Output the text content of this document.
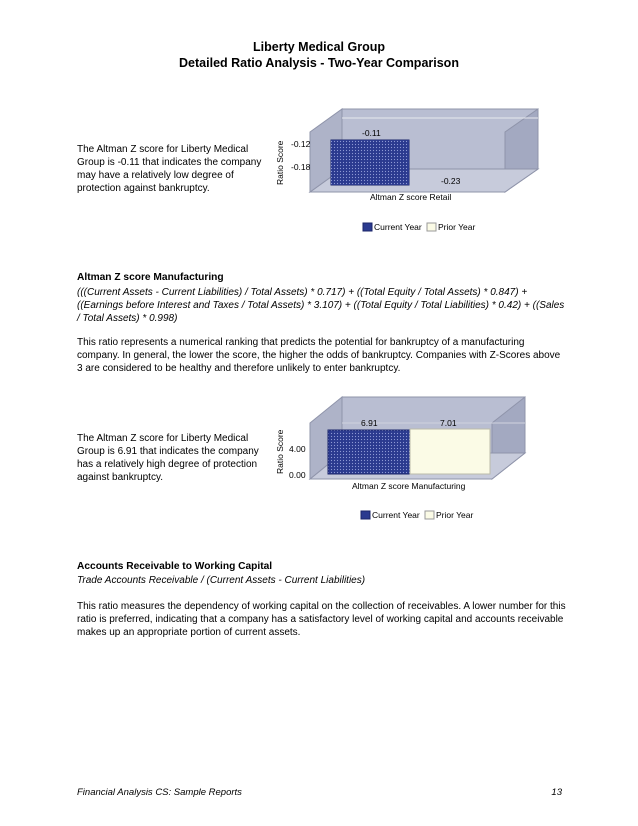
Liberty Medical Group
Detailed Ratio Analysis - Two-Year Comparison
The Altman Z score for Liberty Medical Group is -0.11 that indicates the company may have a relatively low degree of protection against bankruptcy.
-0.11
-0.23
-0.12
-0.18
Ratio Score
Altman Z score Retail
Current Year Prior Year
Altman Z score Manufacturing
(((Current Assets - Current Liabilities) / Total Assets) * 0.717) + ((Total Equity / Total Assets) * 0.847) + ((Earnings before Interest and Taxes / Total Assets) * 3.107) + ((Total Equity / Total Liabilities) * 0.42) + ((Sales / Total Assets) * 0.998)
This ratio represents a numerical ranking that predicts the potential for bankruptcy of a manufacturing company. In general, the lower the score, the higher the odds of bankruptcy. Companies with Z-Scores above 3 are considered to be healthy and therefore unlikely to enter bankruptcy.
The Altman Z score for Liberty Medical Group is 6.91 that indicates the company has a relatively high degree of protection against bankruptcy.
6.91	7.01
4.00
0.00
Ratio Score
Altman Z score Manufacturing
Current Year Prior Year
Accounts Receivable to Working Capital
Trade Accounts Receivable / (Current Assets - Current Liabilities)
This ratio measures the dependency of working capital on the collection of receivables. A lower number for this ratio is preferred, indicating that a company has a satisfactory level of working capital and accounts receivable makes up an appropriate portion of current assets.
Financial Analysis CS: Sample Reports	13
